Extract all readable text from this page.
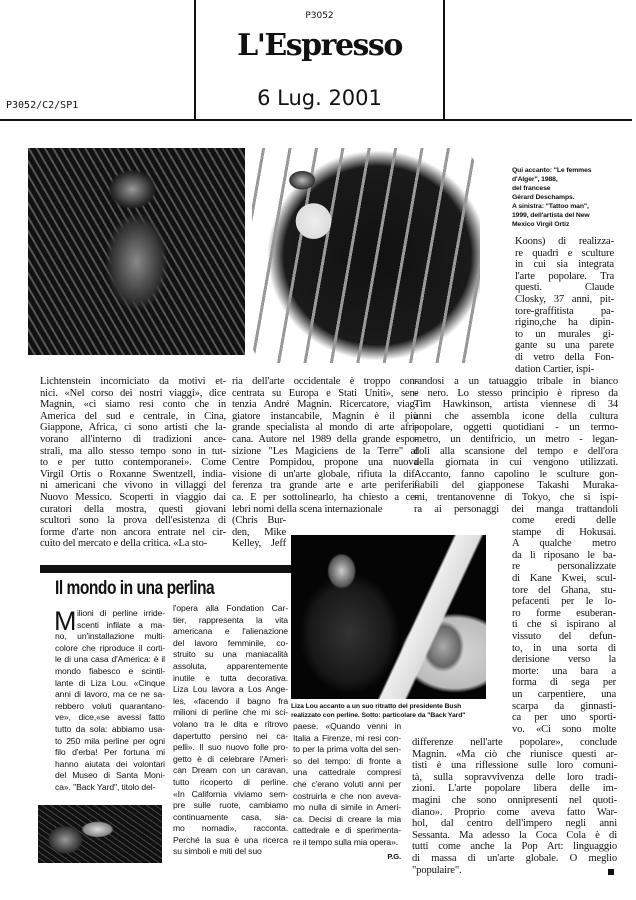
P3052
L'Espresso
6 Lug. 2001
P3052/C2/SP1
Qui accanto: "Le femmes
d'Alger", 1988,
del francese
Gérard Deschamps.
A sinistra: "Tattoo man",
1999, dell'artista del New
Mexico Virgil Ortiz
Koons) di realizza-
re quadri e sculture
in cui sia integrata
l'arte popolare. Tra
questi. Claude
Closky, 37 anni, pit-
tore-graffitista pa-
rigino,che ha dipin-
to un murales gi-
gante su una parete
di vetro della Fon-
dation Cartier, ispi-
Lichtenstein incorniciato da motivi et-
nici. «Nel corso dei nostri viaggi», dice
Magnin, «ci siamo resi conto che in
America del sud e centrale, in Cina,
Giappone, Africa, ci sono artisti che la-
vorano all'interno di tradizioni ance-
strali, ma allo stesso tempo sono in tut-
to e per tutto contemporanei». Come
Virgil Ortis o Roxanne Swentzell, india-
ni americani che vivono in villaggi del
Nuovo Messico. Scoperti in viaggio dai
curatori della mostra, questi giovani
scultori sono la prova dell'esistenza di
forme d'arte non ancora entrate nel cir-
cuito del mercato e della critica. «La sto-
ria dell'arte occidentale è troppo con-
centrata su Europa e Stati Uniti», sen-
tenzia André Magnin. Ricercatore, viag-
giatore instancabile, Magnin è il più
grande specialista al mondo di arte afri-
cana. Autore nel 1989 della grande espo-
sizione "Les Magiciens de la Terre" al
Centre Pompidou, propone una nuova
visione di un'arte globale, rifiuta la dif-
ferenza tra grande arte e arte periferi-
ca. E per sottolinearlo, ha chiesto a ce-
lebri nomi della scena internazionale
(Chris Bur-
den, Mike
Kelley, Jeff
randosi a un tatuaggio tribale in bianco
e nero. Lo stesso principio è ripreso da
Tim Hawkinson, artista viennese di 34
anni che assembla icone della cultura
popolare, oggetti quotidiani - un termo-
metro, un dentifricio, un metro - legan-
doli alla scansione del tempo e dell'ora
della giornata in cui vengono utilizzati.
Accanto, fanno capolino le sculture gon-
fiabili del giapponese Takashi Muraka-
mi, trentanovenne di Tokyo, che si ispi-
ra ai personaggi dei manga trattandoli
come eredi delle
stampe di Hokusai.
A qualche metro
da lì riposano le ba-
re personalizzate
di Kane Kwei, scul-
tore del Ghana, stu-
pefacenti per le lo-
ro forme esuberan-
ti che si ispirano al
vissuto del defun-
to, in una sorta di
derisione verso la
morte: una bara a
forma di sega per
un carpentiere, una
scarpa da ginnasti-
ca per uno sporti-
vo. «Ci sono molte
differenze nell'arte popolare», conclude
Magnin. «Ma ciò che riunisce questi ar-
tisti è una riflessione sulle loro comuni-
tà, sulla sopravvivenza delle loro tradi-
zioni. L'arte popolare libera delle im-
magini che sono onnipresenti nel quoti-
diano». Proprio come aveva fatto War-
hol, dal centro dell'impero negli anni
Sessanta. Ma adesso la Coca Cola è di
tutti come anche la Pop Art: linguaggio
di massa di un'arte globale. O meglio
"populaire".
Il mondo in una perlina
M ilioni di perline irride-
scenti infilate a ma-
no, un'installazione multi-
colore che riproduce il corti-
le di una casa d'America: è il
mondo fiabesco e scintil-
lante di Liza Lou. «Cinque
anni di lavoro, ma ce ne sa-
rebbero voluti quarantano-
ve», dice,«se avessi fatto
tutto da sola: abbiamo usa-
to 250 mila perline per ogni
filo d'erba! Per fortuna mi
hanno aiutata dei volontari
del Museo di Santa Moni-
ca». "Back Yard", titolo del-
l'opera alla Fondation Car-
tier, rappresenta la vita
americana e l'alienazione
del lavoro femminile, co-
struito su una maniacalità
assoluta, apparentemente
inutile e tutta decorativa.
Liza Lou lavora a Los Ange-
les, «facendo il bagno fra
milioni di perline che mi sci-
volano tra le dita e ritrovo
dapertutto persino nei ca-
pelli». Il suo nuovo folle pro-
getto è di celebrare l'Ameri-
can Dream con un caravan,
tutto ricoperto di perline.
«In California viviamo sem-
pre sulle ruote, cambiamo
continuamente casa, sia-
mo nomadi», racconta.
Perché la sua è una ricerca
su simboli e miti del suo
paese. «Quando venni in
Italia a Firenze, mi resi con-
to per la prima volta del sen-
so del tempo: di fronte a
una cattedrale compresi
che c'erano voluti anni per
costruirla e che non aveva-
mo nulla di simile in Ameri-
ca. Decisi di creare la mia
cattedrale e di sperimenta-
re il tempo sulla mia opera».
P.G.
Liza Lou accanto a un suo ritratto del presidente Bush
realizzato con perline. Sotto: particolare da "Back Yard"
